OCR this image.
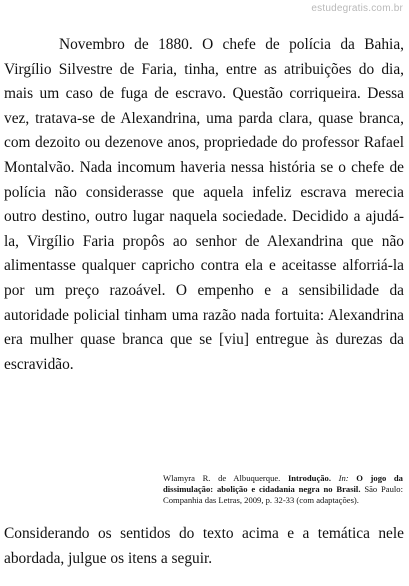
estudegratis.com.br

Novembro de 1880. O chefe de polícia da Bahia, Virgílio Silvestre de Faria, tinha, entre as atribuições do dia, mais um caso de fuga de escravo. Questão corriqueira. Dessa vez, tratava-se de Alexandrina, uma parda clara, quase branca, com dezoito ou dezenove anos, propriedade do professor Rafael Montalvão. Nada incomum haveria nessa história se o chefe de polícia não considerasse que aquela infeliz escrava merecia outro destino, outro lugar naquela sociedade. Decidido a ajudá-la, Virgílio Faria propôs ao senhor de Alexandrina que não alimentasse qualquer capricho contra ela e aceitasse alforriá-la por um preço razoável. O empenho e a sensibilidade da autoridade policial tinham uma razão nada fortuita: Alexandrina era mulher quase branca que se [viu] entregue às durezas da escravidão.

Wlamyra R. de Albuquerque. Introdução. In: O jogo da dissimulação: abolição e cidadania negra no Brasil. São Paulo: Companhia das Letras, 2009, p. 32-33 (com adaptações).

Considerando os sentidos do texto acima e a temática nele abordada, julgue os itens a seguir.
